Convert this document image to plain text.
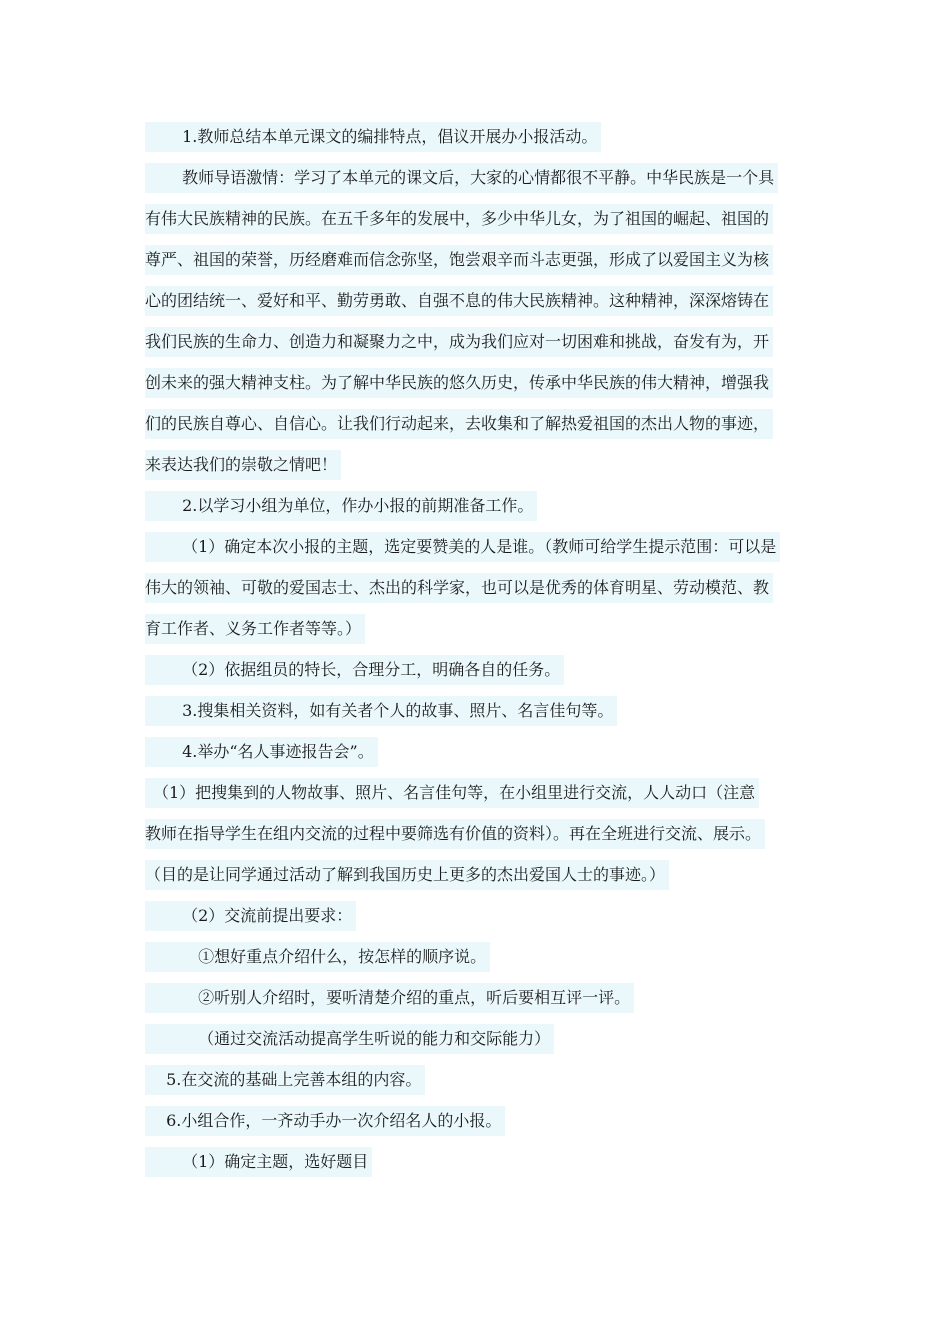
　　 1.教师总结本单元课文的编排特点，倡议开展办小报活动。
　　 教师导语激情：学习了本单元的课文后，大家的心情都很不平静。中华民族是一个具
有伟大民族精神的民族。在五千多年的发展中，多少中华儿女，为了祖国的崛起、祖国的
尊严、祖国的荣誉，历经磨难而信念弥坚，饱尝艰辛而斗志更强，形成了以爱国主义为核
心的团结统一、爱好和平、勤劳勇敢、自强不息的伟大民族精神。这种精神，深深熔铸在
我们民族的生命力、创造力和凝聚力之中，成为我们应对一切困难和挑战，奋发有为，开
创未来的强大精神支柱。为了解中华民族的悠久历史，传承中华民族的伟大精神，增强我
们的民族自尊心、自信心。让我们行动起来，去收集和了解热爱祖国的杰出人物的事迹，
来表达我们的崇敬之情吧！
　　 2.以学习小组为单位，作办小报的前期准备工作。
　　 （1）确定本次小报的主题，选定要赞美的人是谁。（教师可给学生提示范围：可以是
伟大的领袖、可敬的爱国志士、杰出的科学家，也可以是优秀的体育明星、劳动模范、教
育工作者、义务工作者等等。）
　　 （2）依据组员的特长，合理分工，明确各自的任务。
　　 3.搜集相关资料，如有关者个人的故事、照片、名言佳句等。
　　 4.举办“名人事迹报告会”。
　（1）把搜集到的人物故事、照片、名言佳句等，在小组里进行交流，人人动口（注意
教师在指导学生在组内交流的过程中要筛选有价值的资料）。再在全班进行交流、展示。
（目的是让同学通过活动了解到我国历史上更多的杰出爱国人士的事迹。）
　　 （2）交流前提出要求：
　　　 ①想好重点介绍什么，按怎样的顺序说。
　　　 ②听别人介绍时，要听清楚介绍的重点，听后要相互评一评。
　　　 （通过交流活动提高学生听说的能力和交际能力）
　 5.在交流的基础上完善本组的内容。
　 6.小组合作，一齐动手办一次介绍名人的小报。
　　 （1）确定主题，选好题目
